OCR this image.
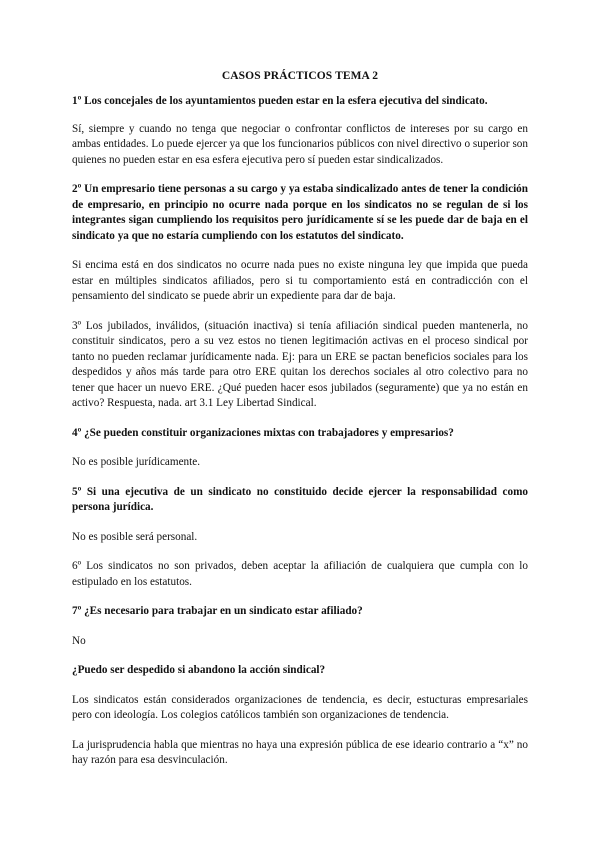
CASOS PRÁCTICOS TEMA 2

1º Los concejales de los ayuntamientos pueden estar en la esfera ejecutiva del sindicato.

Sí, siempre y cuando no tenga que negociar o confrontar conflictos de intereses por su cargo en ambas entidades. Lo puede ejercer ya que los funcionarios públicos con nivel directivo o superior son quienes no pueden estar en esa esfera ejecutiva pero sí pueden estar sindicalizados.

2º Un empresario tiene personas a su cargo y ya estaba sindicalizado antes de tener la condición de empresario, en principio no ocurre nada porque en los sindicatos no se regulan de si los integrantes sigan cumpliendo los requisitos pero jurídicamente sí se les puede dar de baja en el sindicato ya que no estaría cumpliendo con los estatutos del sindicato.

Si encima está en dos sindicatos no ocurre nada pues no existe ninguna ley que impida que pueda estar en múltiples sindicatos afiliados, pero si tu comportamiento está en contradicción con el pensamiento del sindicato se puede abrir un expediente para dar de baja.

3º Los jubilados, inválidos, (situación inactiva) si tenía afiliación sindical pueden mantenerla, no constituir sindicatos, pero a su vez estos no tienen legitimación activas en el proceso sindical por tanto no pueden reclamar jurídicamente nada. Ej: para un ERE se pactan beneficios sociales para los despedidos y años más tarde para otro ERE quitan los derechos sociales al otro colectivo para no tener que hacer un nuevo ERE. ¿Qué pueden hacer esos jubilados (seguramente) que ya no están en activo? Respuesta, nada. art 3.1 Ley Libertad Sindical.

4º ¿Se pueden constituir organizaciones mixtas con trabajadores y empresarios?

No es posible jurídicamente.

5º Si una ejecutiva de un sindicato no constituido decide ejercer la responsabilidad como persona jurídica.

No es posible será personal.

6º Los sindicatos no son privados, deben aceptar la afiliación de cualquiera que cumpla con lo estipulado en los estatutos.

7º ¿Es necesario para trabajar en un sindicato estar afiliado?

No

¿Puedo ser despedido si abandono la acción sindical?

Los sindicatos están considerados organizaciones de tendencia, es decir, estucturas empresariales pero con ideología. Los colegios católicos también son organizaciones de tendencia.

La jurisprudencia habla que mientras no haya una expresión pública de ese ideario contrario a “x” no hay razón para esa desvinculación.
